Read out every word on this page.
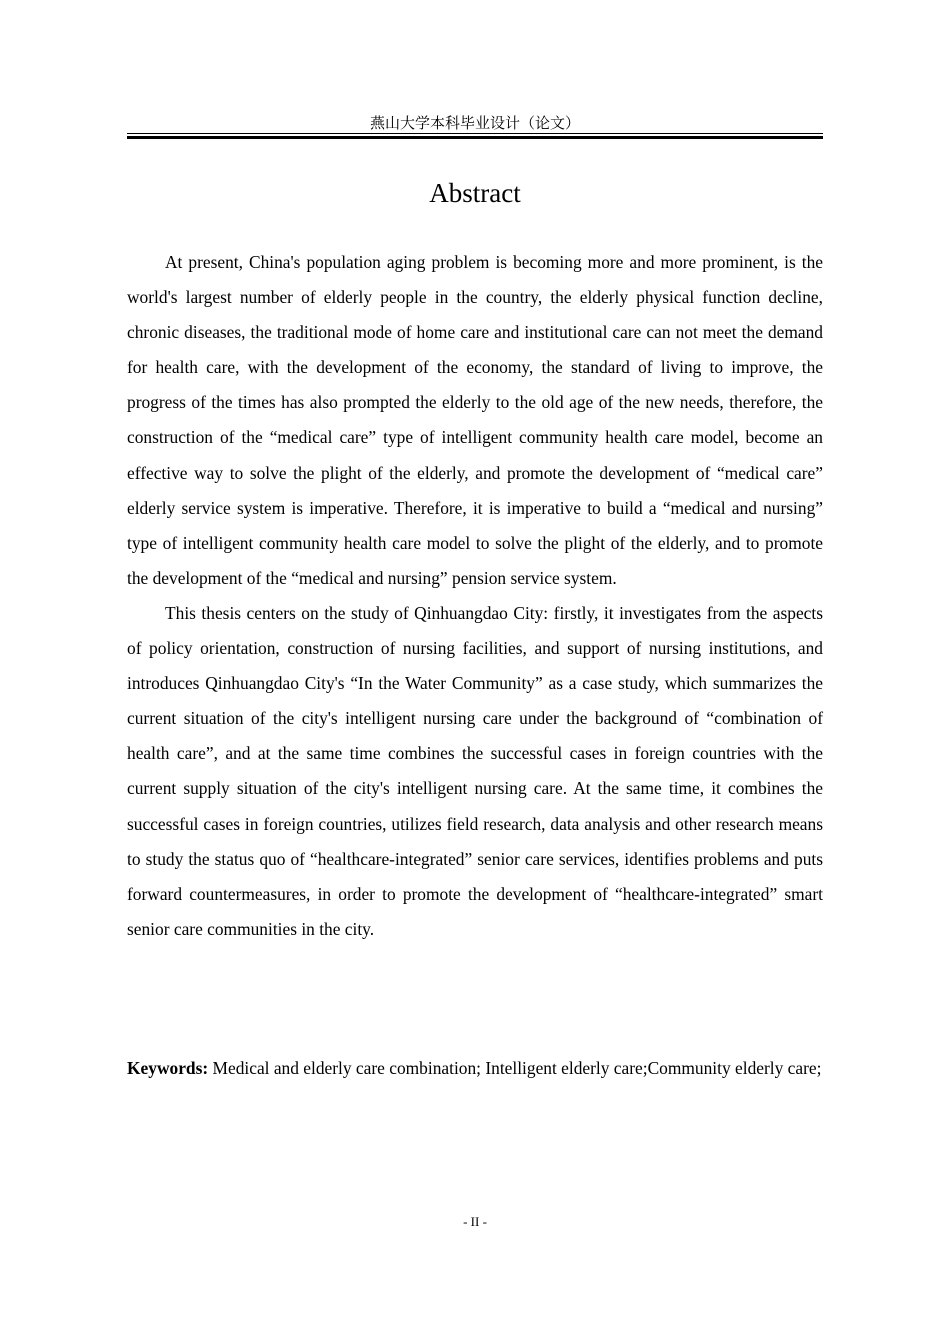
燕山大学本科毕业设计（论文）
Abstract

At present, China's population aging problem is becoming more and more prominent, is the world's largest number of elderly people in the country, the elderly physical function decline, chronic diseases, the traditional mode of home care and institutional care can not meet the demand for health care, with the development of the economy, the standard of living to improve, the progress of the times has also prompted the elderly to the old age of the new needs, therefore, the construction of the “medical care” type of intelligent community health care model, become an effective way to solve the plight of the elderly, and promote the development of “medical care” elderly service system is imperative. Therefore, it is imperative to build a “medical and nursing” type of intelligent community health care model to solve the plight of the elderly, and to promote the development of the “medical and nursing” pension service system.

This thesis centers on the study of Qinhuangdao City: firstly, it investigates from the aspects of policy orientation, construction of nursing facilities, and support of nursing institutions, and introduces Qinhuangdao City's “In the Water Community” as a case study, which summarizes the current situation of the city's intelligent nursing care under the background of “combination of health care”, and at the same time combines the successful cases in foreign countries with the current supply situation of the city's intelligent nursing care. At the same time, it combines the successful cases in foreign countries, utilizes field research, data analysis and other research means to study the status quo of “healthcare-integrated” senior care services, identifies problems and puts forward countermeasures, in order to promote the development of “healthcare-integrated” smart senior care communities in the city.

Keywords: Medical and elderly care combination; Intelligent elderly care;Community elderly care;
- II -
